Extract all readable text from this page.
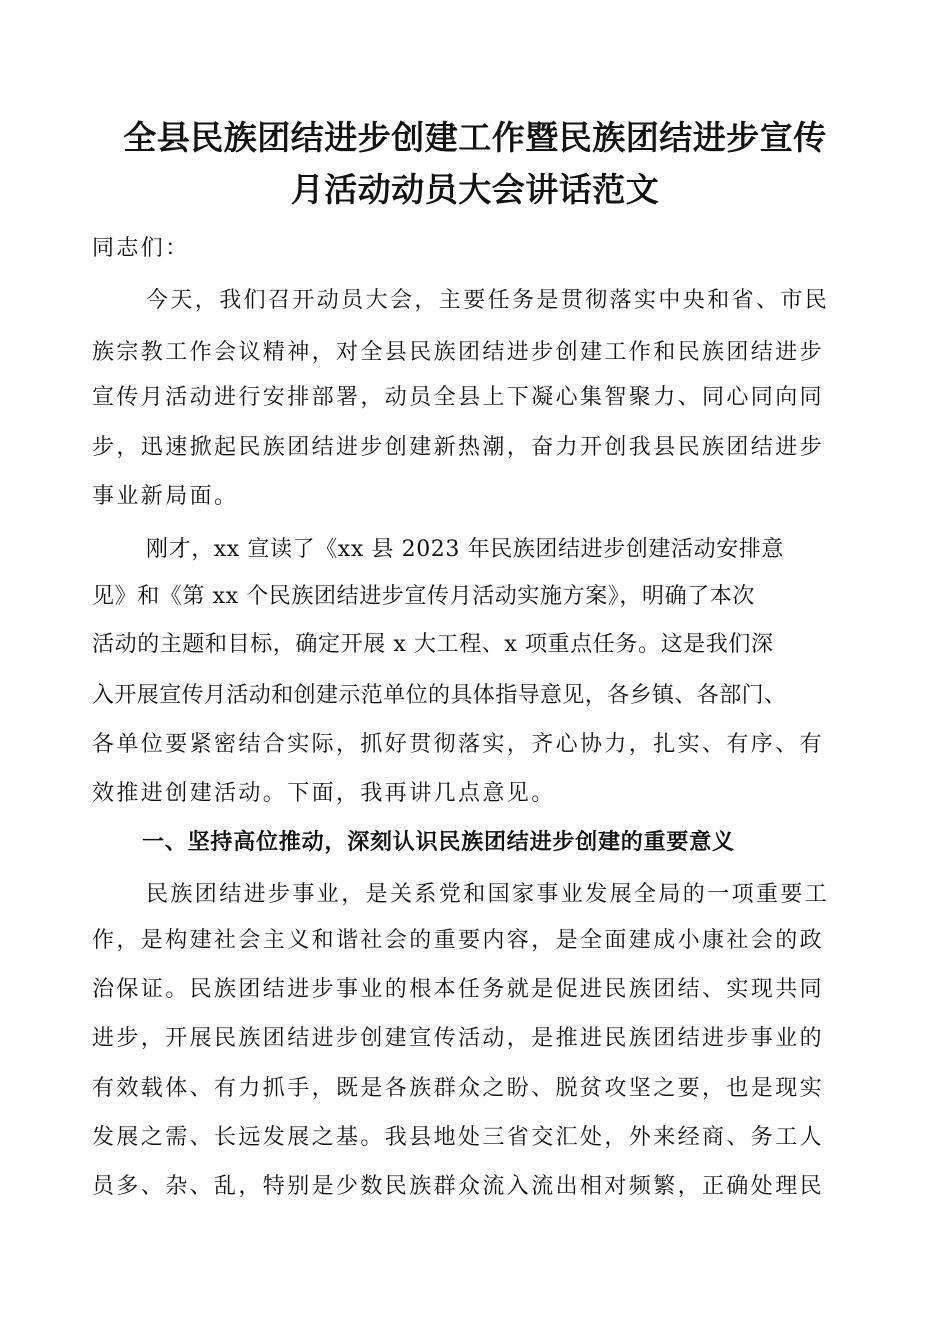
全县民族团结进步创建工作暨民族团结进步宣传
月活动动员大会讲话范文
同志们：
今天，我们召开动员大会，主要任务是贯彻落实中央和省、市民
族宗教工作会议精神，对全县民族团结进步创建工作和民族团结进步
宣传月活动进行安排部署，动员全县上下凝心集智聚力、同心同向同
步，迅速掀起民族团结进步创建新热潮，奋力开创我县民族团结进步
事业新局面。
刚才，xx 宣读了《xx 县 2023 年民族团结进步创建活动安排意
见》和《第 xx 个民族团结进步宣传月活动实施方案》，明确了本次
活动的主题和目标，确定开展 x 大工程、x 项重点任务。这是我们深
入开展宣传月活动和创建示范单位的具体指导意见，各乡镇、各部门、
各单位要紧密结合实际，抓好贯彻落实，齐心协力，扎实、有序、有
效推进创建活动。下面，我再讲几点意见。
一、坚持高位推动，深刻认识民族团结进步创建的重要意义
民族团结进步事业，是关系党和国家事业发展全局的一项重要工
作，是构建社会主义和谐社会的重要内容，是全面建成小康社会的政
治保证。民族团结进步事业的根本任务就是促进民族团结、实现共同
进步，开展民族团结进步创建宣传活动，是推进民族团结进步事业的
有效载体、有力抓手，既是各族群众之盼、脱贫攻坚之要，也是现实
发展之需、长远发展之基。我县地处三省交汇处，外来经商、务工人
员多、杂、乱，特别是少数民族群众流入流出相对频繁，正确处理民
